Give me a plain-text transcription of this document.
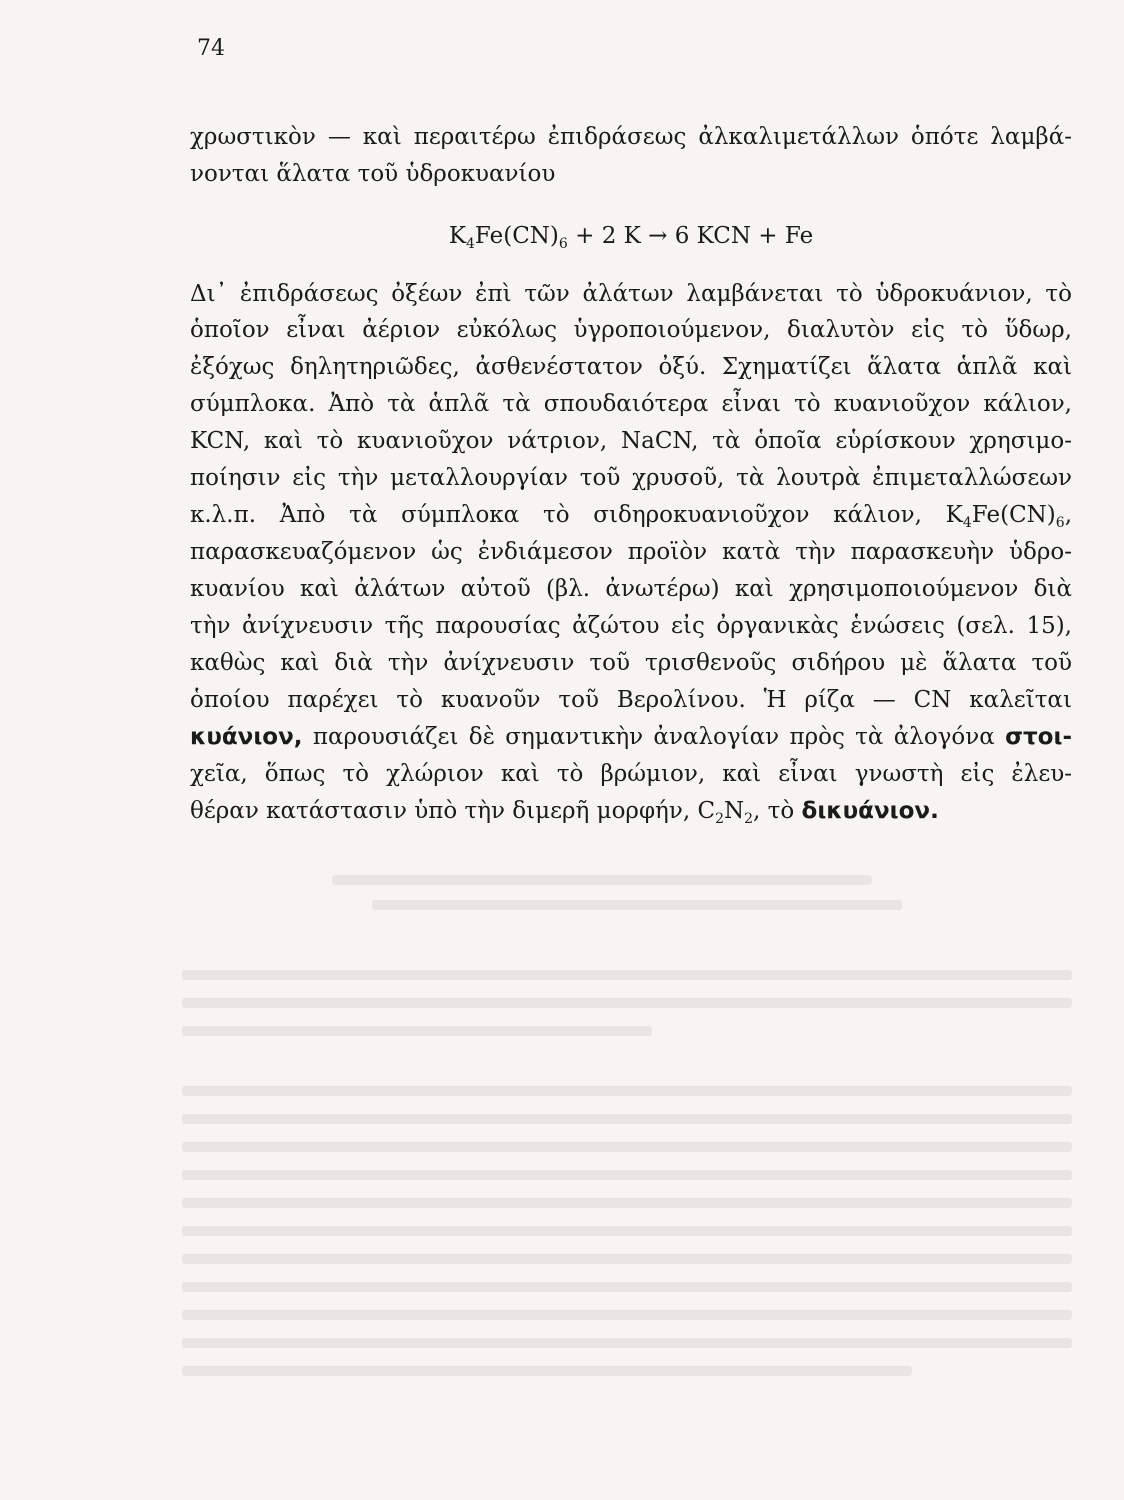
74
χρωστικὸν — καὶ περαιτέρω ἐπιδράσεως ἀλκαλιμετάλλων ὁπότε λαμβά-
νονται ἅλατα τοῦ ὑδροκυανίου
$K_4Fe(CN)_6 + 2$ K → 6 KCN + Fe
Δι᾽ ἐπιδράσεως ὀξέων ἐπὶ τῶν ἀλάτων λαμβάνεται τὸ ὑδροκυάνιον, τὸ
ὁποῖον εἶναι ἀέριον εὐκόλως ὑγροποιούμενον, διαλυτὸν εἰς τὸ ὕδωρ,
ἐξόχως δηλητηριῶδες, ἀσθενέστατον ὀξύ. Σχηματίζει ἅλατα ἁπλᾶ καὶ
σύμπλοκα. Ἀπὸ τὰ ἁπλᾶ τὰ σπουδαιότερα εἶναι τὸ κυανιοῦχον κάλιον,
KCN, καὶ τὸ κυανιοῦχον νάτριον, NaCN, τὰ ὁποῖα εὑρίσκουν χρησιμο-
ποίησιν εἰς τὴν μεταλλουργίαν τοῦ χρυσοῦ, τὰ λουτρὰ ἐπιμεταλλώσεων
κ.λ.π. Ἀπὸ τὰ σύμπλοκα τὸ σιδηροκυανιοῦχον κάλιον, $K_4Fe(CN)_6$,
παρασκευαζόμενον ὡς ἐνδιάμεσον προϊὸν κατὰ τὴν παρασκευὴν ὑδρο-
κυανίου καὶ ἀλάτων αὐτοῦ (βλ. ἀνωτέρω) καὶ χρησιμοποιούμενον διὰ
τὴν ἀνίχνευσιν τῆς παρουσίας ἀζώτου εἰς ὀργανικὰς ἑνώσεις (σελ. 15),
καθὼς καὶ διὰ τὴν ἀνίχνευσιν τοῦ τρισθενοῦς σιδήρου μὲ ἅλατα τοῦ
ὁποίου παρέχει τὸ κυανοῦν τοῦ Βερολίνου. Ἡ ρίζα — CN καλεῖται
κυάνιον, παρουσιάζει δὲ σημαντικὴν ἀναλογίαν πρὸς τὰ ἀλογόνα στοι-
χεῖα, ὅπως τὸ χλώριον καὶ τὸ βρώμιον, καὶ εἶναι γνωστὴ εἰς ἐλευ-
θέραν κατάστασιν ὑπὸ τὴν διμερῆ μορφήν, $C_2N_2$, τὸ δικυάνιον.
